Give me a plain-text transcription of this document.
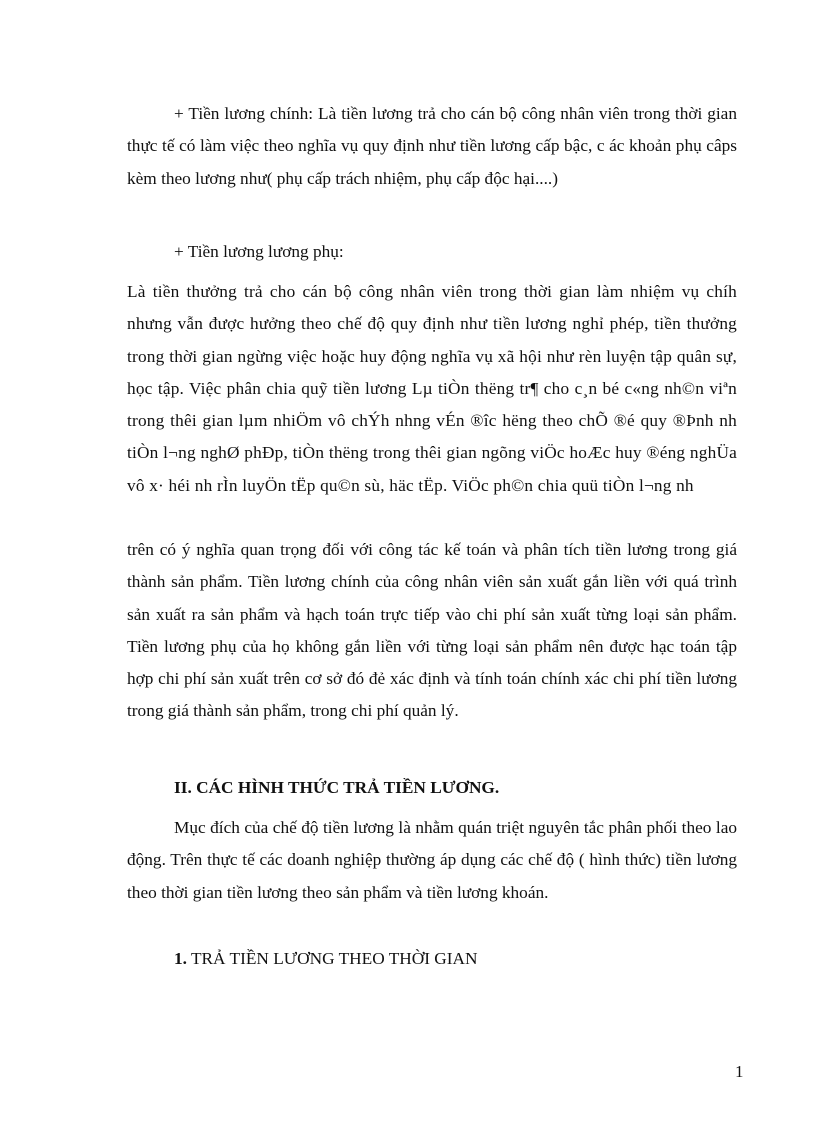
+ Tiền lương chính: Là tiền lương trả cho cán bộ công nhân viên trong thời gian thực tế có làm việc theo nghĩa vụ quy định như tiền lương cấp bậc, c ác khoản phụ câps kèm theo lương như( phụ cấp trách nhiệm, phụ cấp độc hại....)

+ Tiền lương lương phụ:

Là tiền thưởng trả cho cán bộ công nhân viên trong thời gian làm nhiệm vụ chíh nhưng vẫn được hưởng theo chế độ quy định như tiền lương nghỉ phép, tiền thưởng trong thời gian ngừng việc hoặc huy động nghĩa vụ xã hội như rèn luyện tập quân sự, học tập. Việc phân chia quỹ tiền lương Lµ tiÒn thëng tr¶ cho c¸n bé c«ng nh©n viªn trong thêi gian lµm nhiÖm vô chÝh nhng vÉn ®îc hëng theo chÕ ®é quy ®Þnh nh tiÒn l¬ng nghØ phÐp, tiÒn thëng trong thêi gian ngõng viÖc hoÆc huy ®éng nghÜa vô x· héi nh rÌn luyÖn tËp qu©n sù, häc tËp. ViÖc ph©n chia quü tiÒn l¬ng nh

trên có ý nghĩa quan trọng đối với công tác kế toán và phân tích tiền lương trong giá thành sản phẩm. Tiền lương chính của công nhân viên sản xuất gắn liền với quá trình sản xuất ra sản phẩm và hạch toán trực tiếp vào chi phí sản xuất từng loại sản phẩm. Tiền lương phụ của họ không gắn liền với từng loại sản phẩm nên được hạc toán tập hợp chi phí sản xuất trên cơ sở đó đẻ xác định và tính toán chính xác chi phí tiền lương trong giá thành sản phẩm, trong chi phí quản lý.

II. CÁC HÌNH THỨC TRẢ TIỀN LƯƠNG.

Mục đích của chế độ tiền lương là nhằm quán triệt nguyên tắc phân phối theo lao động. Trên thực tế các doanh nghiệp thường áp dụng các chế độ ( hình thức) tiền lương theo thời gian tiền lương theo sản phẩm và tiền lương khoán.

1. TRẢ TIỀN LƯƠNG THEO THỜI GIAN
1
